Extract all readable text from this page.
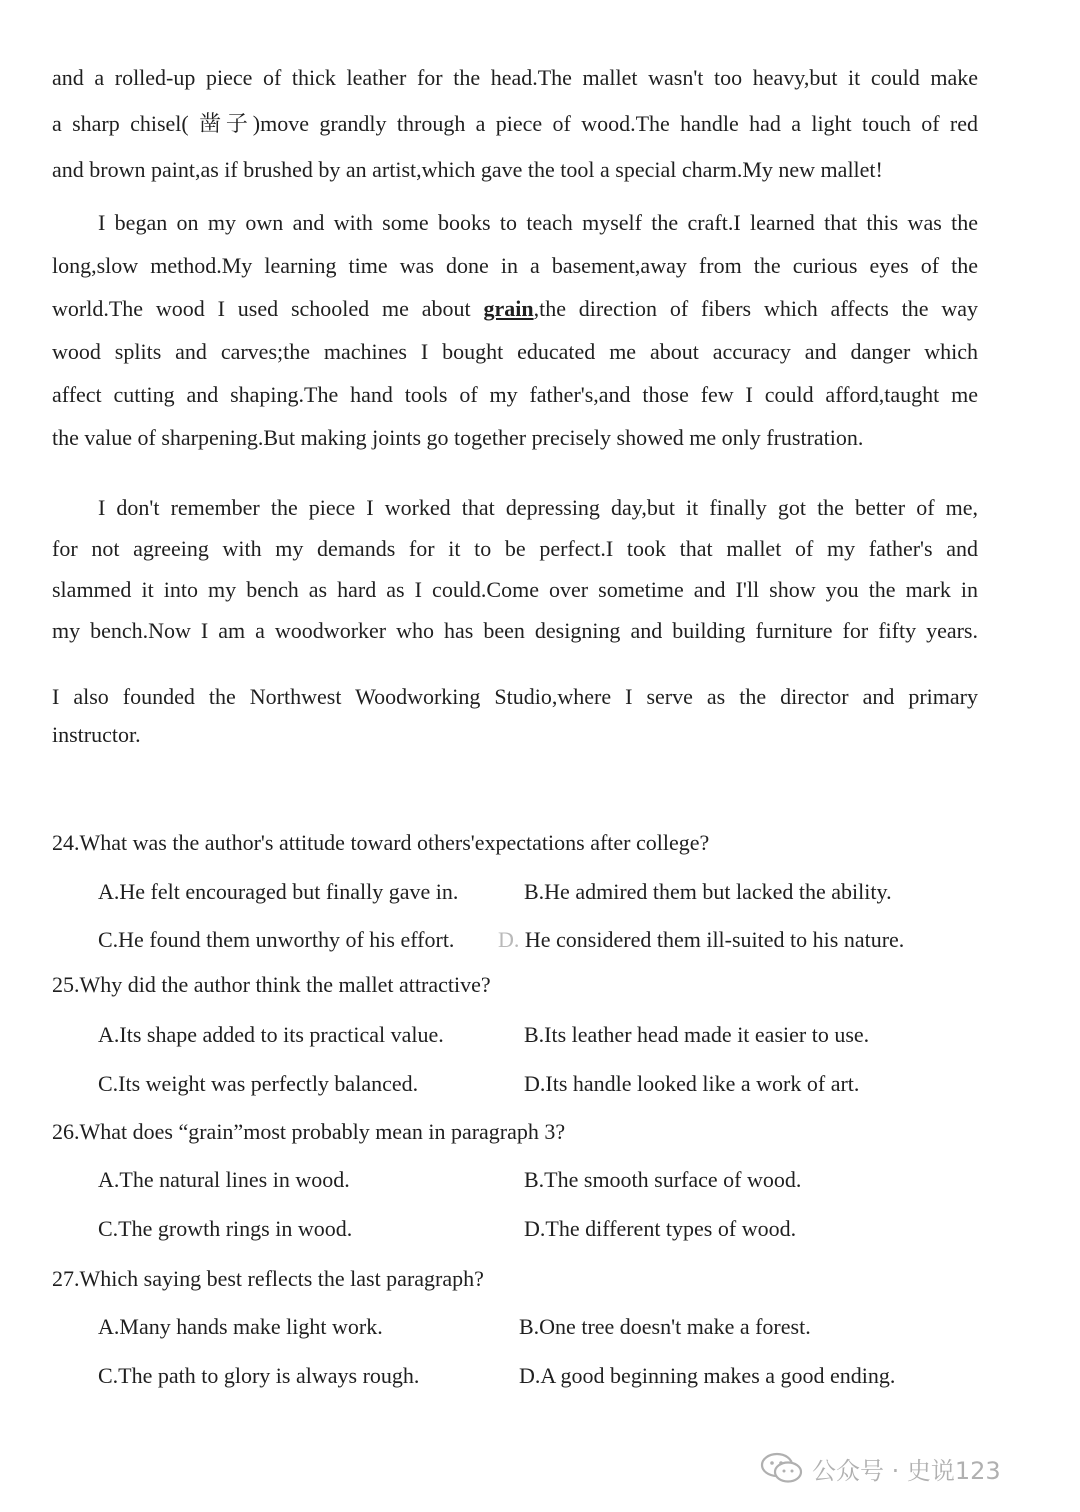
and a rolled-up piece of thick leather for the head.The mallet wasn't too heavy,but it could make
a sharp chisel( 凿子)move grandly through a piece of wood.The handle had a light touch of red
and brown paint,as if brushed by an artist,which gave the tool a special charm.My new mallet!
I began on my own and with some books to teach myself the craft.I learned that this was the
long,slow method.My learning time was done in a basement,away from the curious eyes of the
world.The wood I used schooled me about grain,the direction of fibers which affects the way
wood splits and carves;the machines I bought educated me about accuracy and danger which
affect cutting and shaping.The hand tools of my father's,and those few I could afford,taught me
the value of sharpening.But making joints go together precisely showed me only frustration.
I don't remember the piece I worked that depressing day,but it finally got the better of me,
for not agreeing with my demands for it to be perfect.I took that mallet of my father's and
slammed it into my bench as hard as I could.Come over sometime and I'll show you the mark in
my bench.Now I am a woodworker who has been designing and building furniture for fifty years.
I also founded the Northwest Woodworking Studio,where I serve as the director and primary
instructor.
24.What was the author's attitude toward others'expectations after college?
A.He felt encouraged but finally gave in.	B.He admired them but lacked the ability.
C.He found them unworthy of his effort. D. He considered them ill-suited to his nature.
25.Why did the author think the mallet attractive?
A.Its shape added to its practical value.	B.Its leather head made it easier to use.
C.Its weight was perfectly balanced.	D.Its handle looked like a work of art.
26.What does “grain”most probably mean in paragraph 3?
A.The natural lines in wood.	B.The smooth surface of wood.
C.The growth rings in wood.	D.The different types of wood.
27.Which saying best reflects the last paragraph?
A.Many hands make light work.	B.One tree doesn't make a forest.
C.The path to glory is always rough.	D.A good beginning makes a good ending.
公众号 · 史说123
